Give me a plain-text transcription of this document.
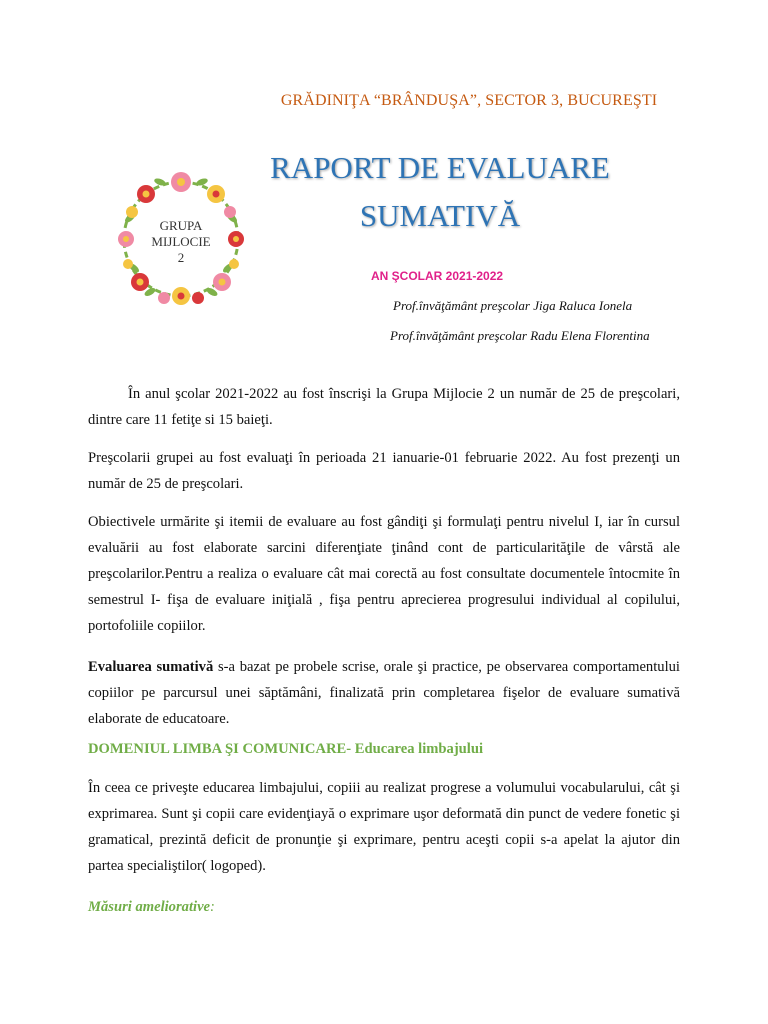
GRĂDINIŢA “BRÂNDUŞA”, SECTOR 3, BUCUREŞTI
GRUPA
MIJLOCIE
2
RAPORT DE EVALUARE
SUMATIVĂ
AN ŞCOLAR 2021-2022
Prof.învăţământ preşcolar Jiga Raluca Ionela
Prof.învăţământ preşcolar Radu Elena Florentina

În anul şcolar 2021-2022 au fost înscrişi la Grupa Mijlocie 2 un număr de 25 de preşcolari, dintre care 11 fetiţe si 15 baieţi.

Preşcolarii grupei au fost evaluaţi în perioada 21 ianuarie-01 februarie 2022. Au fost prezenţi un număr de 25 de preşcolari.

Obiectivele urmărite şi itemii de evaluare au fost gândiţi şi formulaţi pentru nivelul I, iar în cursul evaluării au fost elaborate sarcini diferenţiate ţinând cont de particularităţile de vârstă ale preşcolarilor.Pentru a realiza o evaluare cât mai corectă au fost consultate documentele întocmite în semestrul I- fişa de evaluare iniţială , fişa pentru aprecierea progresului individual al copilului, portofoliile copiilor.

Evaluarea sumativă s-a bazat pe probele scrise, orale şi practice, pe observarea comportamentului copiilor pe parcursul unei săptămâni, finalizată prin completarea fişelor de evaluare sumativă elaborate de educatoare.

DOMENIUL LIMBA ŞI COMUNICARE- Educarea limbajului

În ceea ce priveşte educarea limbajului, copiii au realizat progrese a volumului vocabularului, cât şi exprimarea. Sunt şi copii care evidenţiayă o exprimare uşor deformată din punct de vedere fonetic şi gramatical, prezintă deficit de pronunţie şi exprimare, pentru aceşti copii s-a apelat la ajutor din partea specialiştilor( logoped).

Măsuri ameliorative:
